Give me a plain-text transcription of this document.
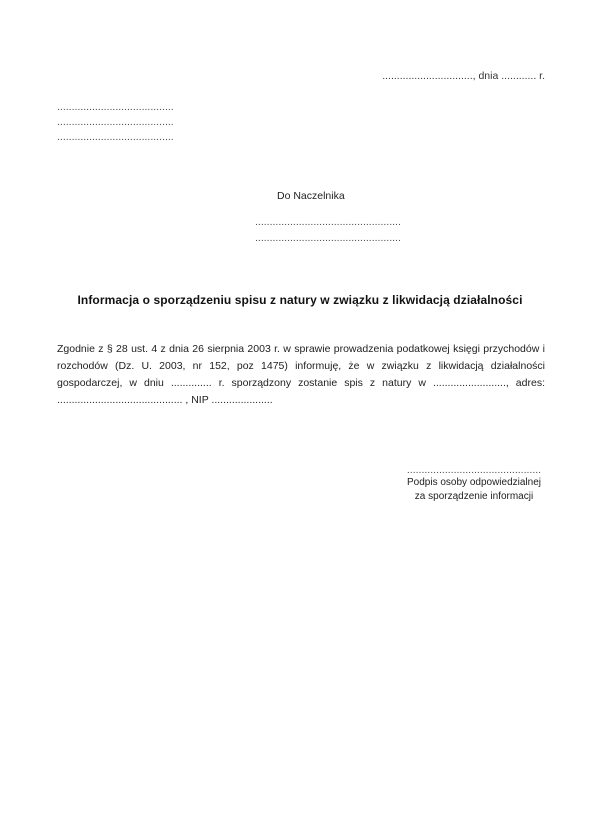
..............................., dnia ............ r.
........................................
........................................
........................................
Do Naczelnika
..................................................
..................................................
Informacja o sporządzeniu spisu z natury w związku z likwidacją działalności

Zgodnie z § 28 ust. 4 z dnia 26 sierpnia 2003 r. w sprawie prowadzenia podatkowej księgi przychodów i rozchodów (Dz. U. 2003, nr 152, poz 1475) informuję, że w związku z likwidacją działalności gospodarczej, w dniu .............. r. sporządzony zostanie spis z natury w ........................., adres: ........................................... , NIP .....................

..............................................
Podpis osoby odpowiedzialnej
za sporządzenie informacji
